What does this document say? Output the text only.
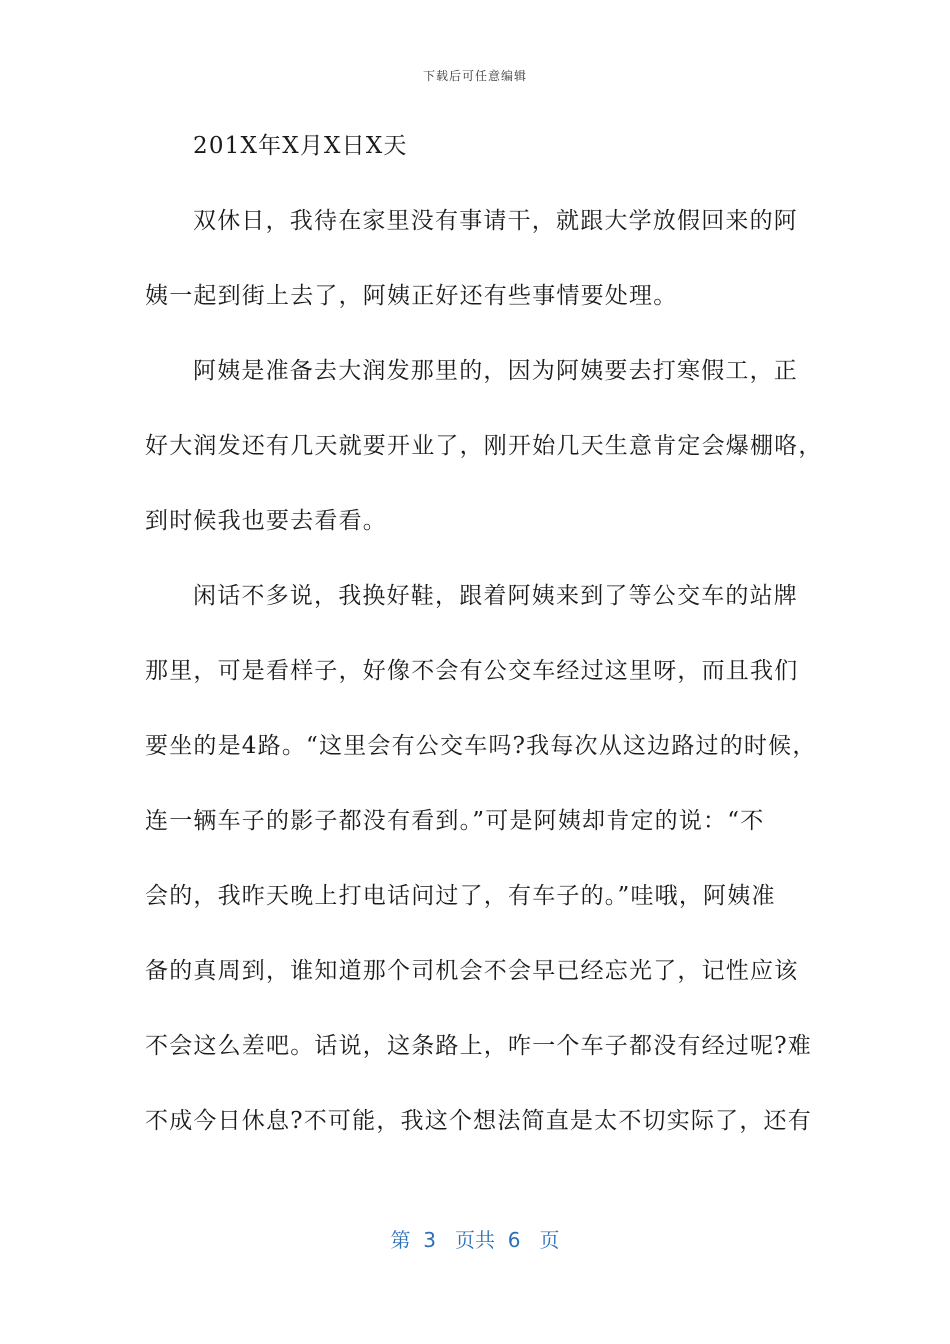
下载后可任意编辑
201X年X月X日X天
双休日，我待在家里没有事请干，就跟大学放假回来的阿
姨一起到街上去了，阿姨正好还有些事情要处理。
阿姨是准备去大润发那里的，因为阿姨要去打寒假工，正
好大润发还有几天就要开业了，刚开始几天生意肯定会爆棚咯，
到时候我也要去看看。
闲话不多说，我换好鞋，跟着阿姨来到了等公交车的站牌
那里，可是看样子，好像不会有公交车经过这里呀，而且我们
要坐的是4路。“这里会有公交车吗?我每次从这边路过的时候，
连一辆车子的影子都没有看到。”可是阿姨却肯定的说：“不
会的，我昨天晚上打电话问过了，有车子的。”哇哦，阿姨准
备的真周到，谁知道那个司机会不会早已经忘光了，记性应该
不会这么差吧。话说，这条路上，咋一个车子都没有经过呢?难
不成今日休息?不可能，我这个想法简直是太不切实际了，还有
第  3   页共  6   页
